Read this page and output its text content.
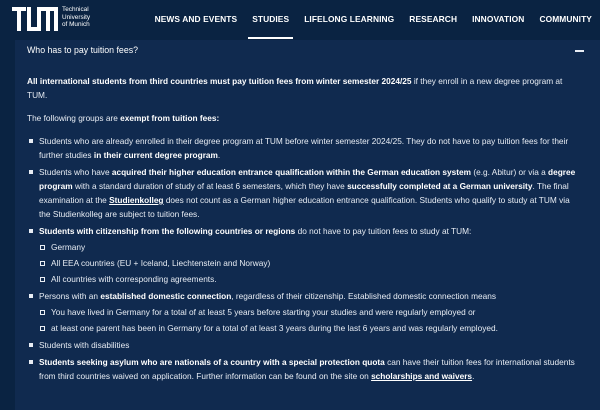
Technical
University
of Munich
NEWS AND EVENTS STUDIES LIFELONG LEARNING RESEARCH INNOVATION COMMUNITY
Who has to pay tuition fees?

All international students from third countries must pay tuition fees from winter semester 2024/25 if they enroll in a new degree program at TUM.

The following groups are exempt from tuition fees:

Students who are already enrolled in their degree program at TUM before winter semester 2024/25. They do not have to pay tuition fees for their further studies in their current degree program.
Students who have acquired their higher education entrance qualification within the German education system (e.g. Abitur) or via a degree program with a standard duration of study of at least 6 semesters, which they have successfully completed at a German university. The final examination at the Studienkolleg does not count as a German higher education entrance qualification. Students who qualify to study at TUM via the Studienkolleg are subject to tuition fees.
Students with citizenship from the following countries or regions do not have to pay tuition fees to study at TUM:
Germany
All EEA countries (EU + Iceland, Liechtenstein and Norway)
All countries with corresponding agreements.
Persons with an established domestic connection, regardless of their citizenship. Established domestic connection means
You have lived in Germany for a total of at least 5 years before starting your studies and were regularly employed or
at least one parent has been in Germany for a total of at least 3 years during the last 6 years and was regularly employed.
Students with disabilities
Students seeking asylum who are nationals of a country with a special protection quota can have their tuition fees for international students from third countries waived on application. Further information can be found on the site on scholarships and waivers.
